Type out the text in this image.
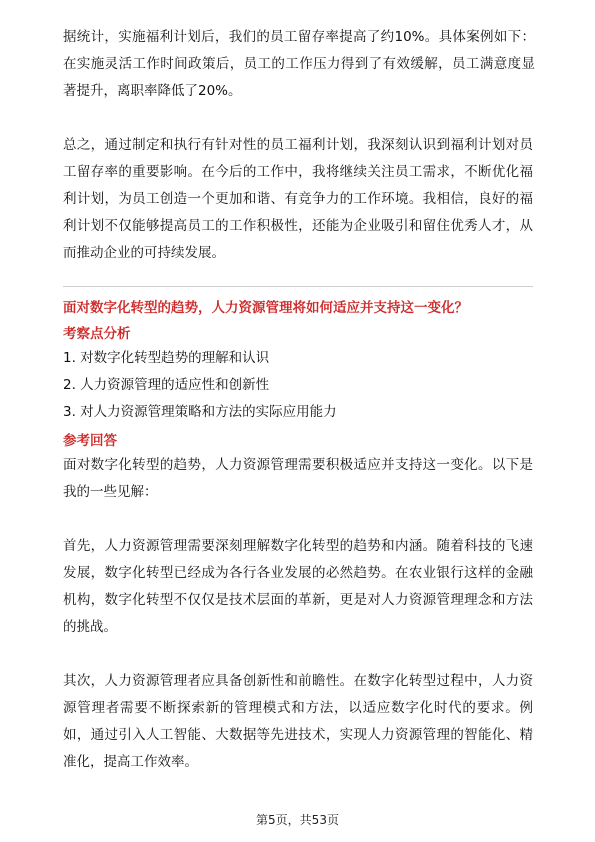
据统计，实施福利计划后，我们的员工留存率提高了约10%。具体案例如下：在实施灵活工作时间政策后，员工的工作压力得到了有效缓解，员工满意度显著提升，离职率降低了20%。

总之，通过制定和执行有针对性的员工福利计划，我深刻认识到福利计划对员工留存率的重要影响。在今后的工作中，我将继续关注员工需求，不断优化福利计划，为员工创造一个更加和谐、有竞争力的工作环境。我相信，良好的福利计划不仅能够提高员工的工作积极性，还能为企业吸引和留住优秀人才，从而推动企业的可持续发展。

面对数字化转型的趋势，人力资源管理将如何适应并支持这一变化？

考察点分析

1. 对数字化转型趋势的理解和认识
2. 人力资源管理的适应性和创新性
3. 对人力资源管理策略和方法的实际应用能力

参考回答

面对数字化转型的趋势，人力资源管理需要积极适应并支持这一变化。以下是我的一些见解：

首先，人力资源管理需要深刻理解数字化转型的趋势和内涵。随着科技的飞速发展，数字化转型已经成为各行各业发展的必然趋势。在农业银行这样的金融机构，数字化转型不仅仅是技术层面的革新，更是对人力资源管理理念和方法的挑战。

其次，人力资源管理者应具备创新性和前瞻性。在数字化转型过程中，人力资源管理者需要不断探索新的管理模式和方法，以适应数字化时代的要求。例如，通过引入人工智能、大数据等先进技术，实现人力资源管理的智能化、精准化，提高工作效率。

第5页，共53页
